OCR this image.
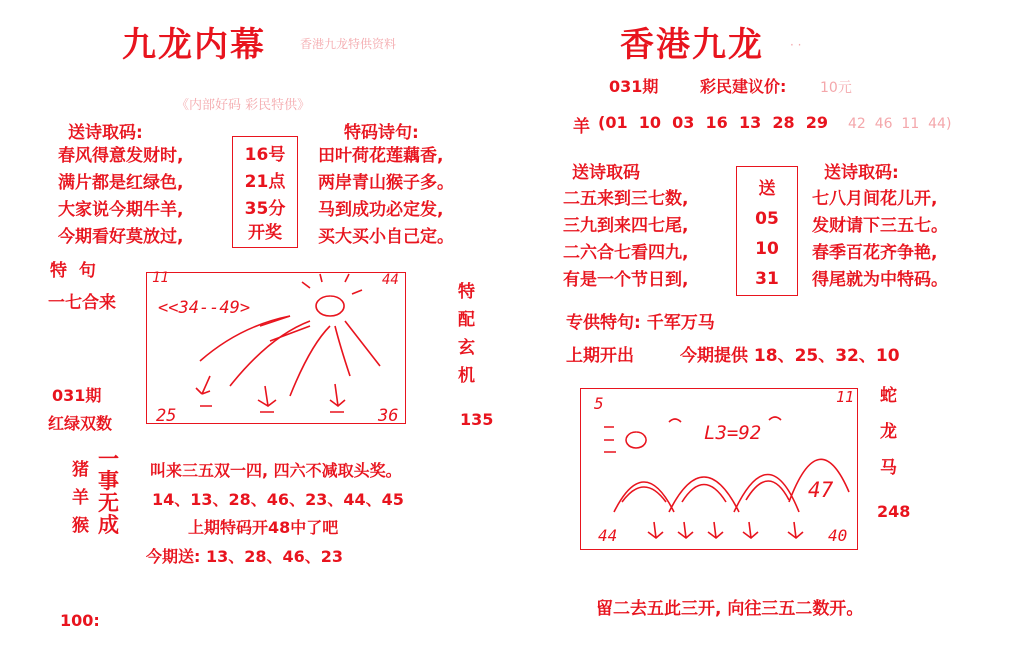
九龙内幕	香港九龙特供资料
《内部好码 彩民特供》
送诗取码:	特码诗句:
春风得意发财时,
满片都是红绿色,
大家说今期牛羊,
今期看好莫放过,
16号
21点
35分
开奖
田叶荷花莲藕香,
两岸青山猴子多。
马到成功必定发,
买大买小自己定。
特  句
一七合来
031期
红绿双数
11	44
<<34--49>
25	36
特
配
玄
机
135
猪
羊
猴
一
事
无
成
叫来三五双一四, 四六不减取头奖。
14、13、28、46、23、44、45
上期特码开48中了吧
今期送: 13、28、46、23
100:
香港九龙 · ·
031期	彩民建议价: 10元
羊 (01  10  03  16  13  28  29 42  46  11  44)
送诗取码	送诗取码:
二五来到三七数,
三九到来四七尾,
二六合七看四九,
有是一个节日到,
送
05
10
31
七八月间花儿开,
发财请下三五七。
春季百花齐争艳,
得尾就为中特码。
专供特句: 千军万马
上期开出	今期提供 18、25、32、10
5	11
L3=92
47
44	40
蛇
龙
马
248
留二去五此三开, 向往三五二数开。
